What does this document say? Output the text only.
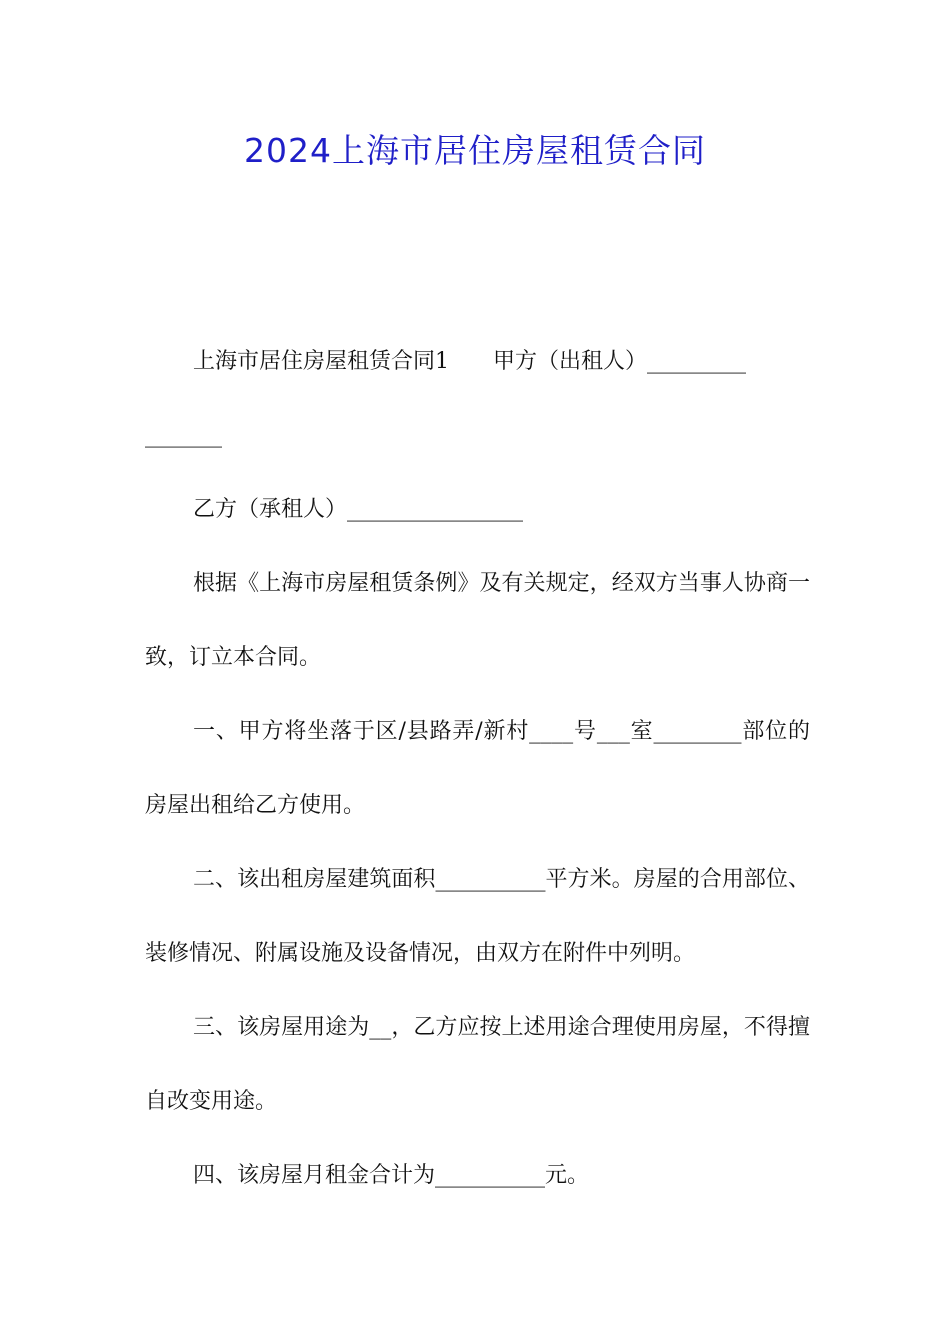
2024上海市居住房屋租赁合同

上海市居住房屋租赁合同1　　甲方（出租人）_________

_______

乙方（承租人）________________

根据《上海市房屋租赁条例》及有关规定，经双方当事人协商一致，订立本合同。

一、甲方将坐落于区/县路弄/新村____号___室________部位的房屋出租给乙方使用。

二、该出租房屋建筑面积__________平方米。房屋的合用部位、装修情况、附属设施及设备情况，由双方在附件中列明。

三、该房屋用途为__，乙方应按上述用途合理使用房屋，不得擅自改变用途。

四、该房屋月租金合计为__________元。
